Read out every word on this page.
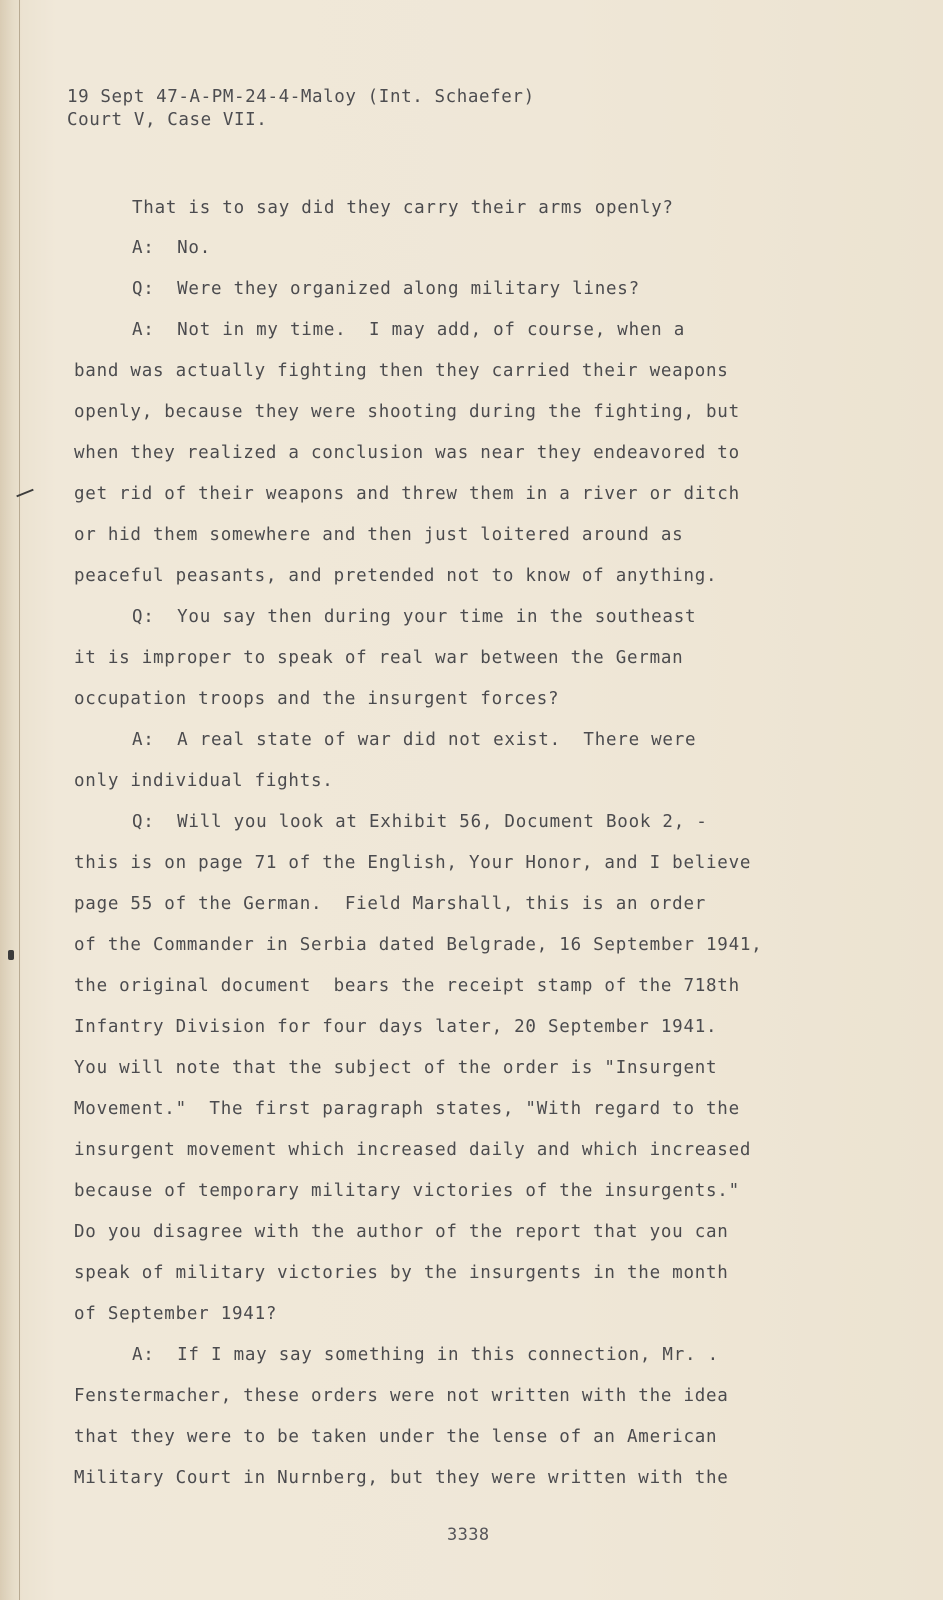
19 Sept 47-A-PM-24-4-Maloy (Int. Schaefer)
Court V, Case VII.
That is to say did they carry their arms openly?
A:  No.
Q:  Were they organized along military lines?
A:  Not in my time.  I may add, of course, when a
band was actually fighting then they carried their weapons
openly, because they were shooting during the fighting, but
when they realized a conclusion was near they endeavored to
get rid of their weapons and threw them in a river or ditch
or hid them somewhere and then just loitered around as
peaceful peasants, and pretended not to know of anything.
Q:  You say then during your time in the southeast
it is improper to speak of real war between the German
occupation troops and the insurgent forces?
A:  A real state of war did not exist.  There were
only individual fights.
Q:  Will you look at Exhibit 56, Document Book 2, -
this is on page 71 of the English, Your Honor, and I believe
page 55 of the German.  Field Marshall, this is an order
of the Commander in Serbia dated Belgrade, 16 September 1941,
the original document  bears the receipt stamp of the 718th
Infantry Division for four days later, 20 September 1941.
You will note that the subject of the order is "Insurgent
Movement."  The first paragraph states, "With regard to the
insurgent movement which increased daily and which increased
because of temporary military victories of the insurgents."
Do you disagree with the author of the report that you can
speak of military victories by the insurgents in the month
of September 1941?
A:  If I may say something in this connection, Mr. .
Fenstermacher, these orders were not written with the idea
that they were to be taken under the lense of an American
Military Court in Nurnberg, but they were written with the
3338
